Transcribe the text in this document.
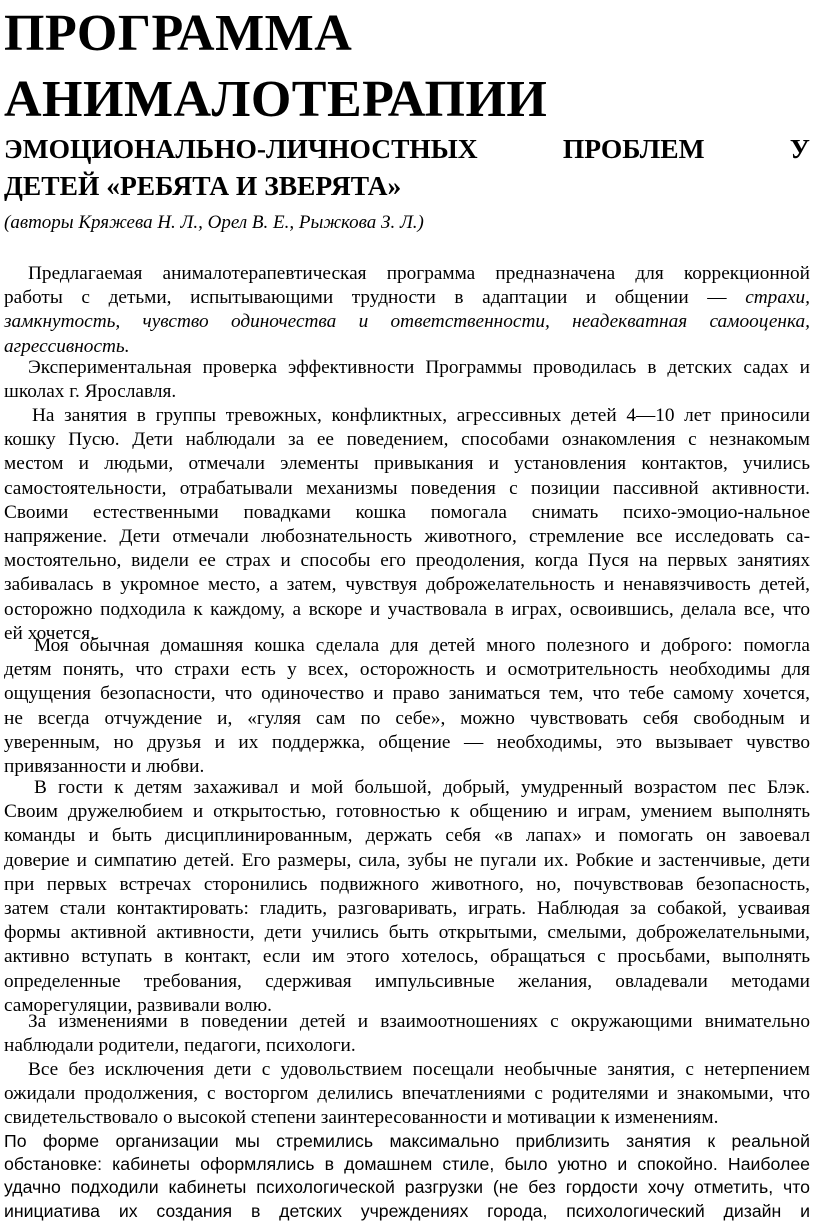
ПРОГРАММА
АНИМАЛОТЕРАПИИ
ЭМОЦИОНАЛЬНО-ЛИЧНОСТНЫХ ПРОБЛЕМ У
ДЕТЕЙ «РЕБЯТА И ЗВЕРЯТА»

(авторы Кряжева Н. Л., Орел В. Е., Рыжкова З. Л.)

Предлагаемая анималотерапевтическая программа предназначена для коррекционной
работы с детьми, испытывающими трудности в адаптации и общении — страхи,
замкнутость, чувство одиночества и ответственности, неадекватная самооценка,
агрессивность.
Экспериментальная проверка эффективности Программы проводилась в детских садах и
школах г. Ярославля.
На занятия в группы тревожных, конфликтных, агрессивных детей 4—10 лет приносили
кошку Пусю. Дети наблюдали за ее поведением, способами ознакомления с незнакомым
местом и людьми, отмечали элементы привыкания и установления контактов, учились
самостоятельности, отрабатывали механизмы поведения с позиции пассивной активности.
Своими естественными повадками кошка помогала снимать психо-эмоцио-нальное
напряжение. Дети отмечали любознательность животного, стремление все исследовать са-
мостоятельно, видели ее страх и способы его преодоления, когда Пуся на первых занятиях
забивалась в укромное место, а затем, чувствуя доброжелательность и ненавязчивость детей,
осторожно подходила к каждому, а вскоре и участвовала в играх, освоившись, делала все, что
ей хочется.
Моя обычная домашняя кошка сделала для детей много полезного и доброго: помогла
детям понять, что страхи есть у всех, осторожность и осмотрительность необходимы для
ощущения безопасности, что одиночество и право заниматься тем, что тебе самому хочется,
не всегда отчуждение и, «гуляя сам по себе», можно чувствовать себя свободным и
уверенным, но друзья и их поддержка, общение — необходимы, это вызывает чувство
привязанности и любви.
В гости к детям захаживал и мой большой, добрый, умудренный возрастом пес Блэк.
Своим дружелюбием и открытостью, готовностью к общению и играм, умением выполнять
команды и быть дисциплинированным, держать себя «в лапах» и помогать он завоевал
доверие и симпатию детей. Его размеры, сила, зубы не пугали их. Робкие и застенчивые, дети
при первых встречах сторонились подвижного животного, но, почувствовав безопасность,
затем стали контактировать: гладить, разговаривать, играть. Наблюдая за собакой, усваивая
формы активной активности, дети учились быть открытыми, смелыми, доброжелательными,
активно вступать в контакт, если им этого хотелось, обращаться с просьбами, выполнять
определенные требования, сдерживая импульсивные желания, овладевали методами
саморегуляции, развивали волю.
За изменениями в поведении детей и взаимоотношениях с окружающими внимательно
наблюдали родители, педагоги, психологи.
Все без исключения дети с удовольствием посещали необычные занятия, с нетерпением
ожидали продолжения, с восторгом делились впечатлениями с родителями и знакомыми, что
свидетельствовало о высокой степени заинтересованности и мотивации к изменениям.
По форме организации мы стремились максимально приблизить занятия к реальной
обстановке: кабинеты оформлялись в домашнем стиле, было уютно и спокойно. Наиболее
удачно подходили кабинеты психологической разгрузки (не без гордости хочу отметить, что
инициатива их создания в детских учреждениях города, психологический дизайн и
